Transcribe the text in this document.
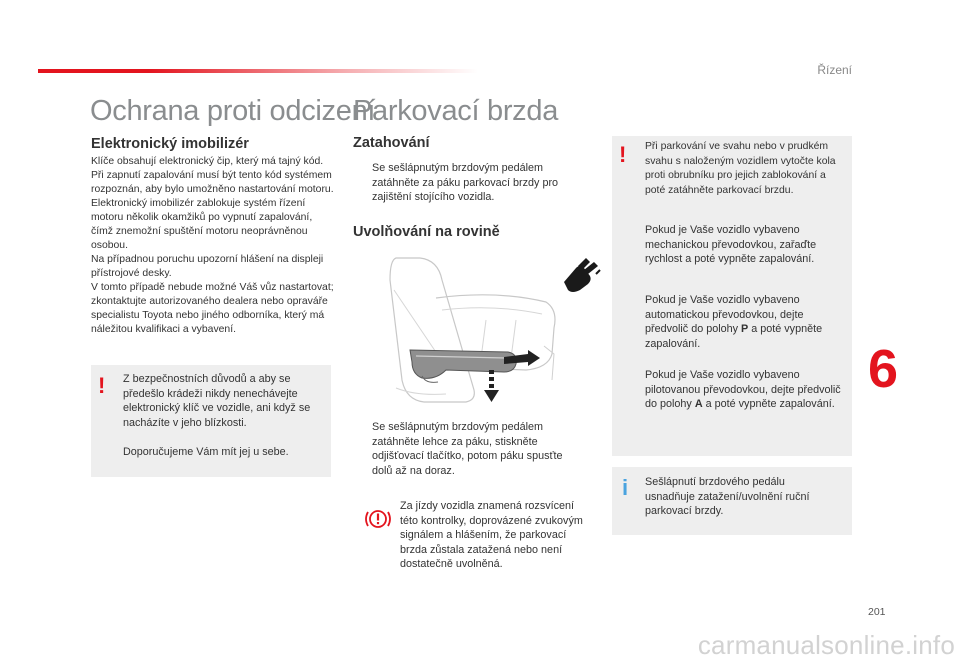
Řízení
Ochrana proti odcizení
Elektronický imobilizér
Klíče obsahují elektronický čip, který má tajný kód. Při zapnutí zapalování musí být tento kód systémem rozpoznán, aby bylo umožněno nastartování motoru.
Elektronický imobilizér zablokuje systém řízení motoru několik okamžiků po vypnutí zapalování, čímž znemožní spuštění motoru neoprávněnou osobou.
Na případnou poruchu upozorní hlášení na displeji přístrojové desky.
V tomto případě nebude možné Váš vůz nastartovat; zkontaktujte autorizovaného dealera nebo opraváře specialistu Toyota nebo jiného odborníka, který má náležitou kvalifikaci a vybavení.
! Z bezpečnostních důvodů a aby se předešlo krádeži nikdy nenechávejte elektronický klíč ve vozidle, ani když se nacházíte v jeho blízkosti.
Doporučujeme Vám mít jej u sebe.
Parkovací brzda
Zatahování
Se sešlápnutým brzdovým pedálem zatáhněte za páku parkovací brzdy pro zajištění stojícího vozidla.
Uvolňování na rovině
Se sešlápnutým brzdovým pedálem zatáhněte lehce za páku, stiskněte odjišťovací tlačítko, potom páku spusťte dolů až na doraz.
Za jízdy vozidla znamená rozsvícení této kontrolky, doprovázené zvukovým signálem a hlášením, že parkovací brzda zůstala zatažená nebo není dostatečně uvolněná.
! Při parkování ve svahu nebo v prudkém svahu s naloženým vozidlem vytočte kola proti obrubníku pro jejich zablokování a poté zatáhněte parkovací brzdu.
Pokud je Vaše vozidlo vybaveno mechanickou převodovkou, zařaďte rychlost a poté vypněte zapalování.
Pokud je Vaše vozidlo vybaveno automatickou převodovkou, dejte předvolič do polohy P a poté vypněte zapalování.
Pokud je Vaše vozidlo vybaveno pilotovanou převodovkou, dejte předvolič do polohy A a poté vypněte zapalování.
i Sešlápnutí brzdového pedálu usnadňuje zatažení/uvolnění ruční parkovací brzdy.
6
201
carmanualsonline.info
